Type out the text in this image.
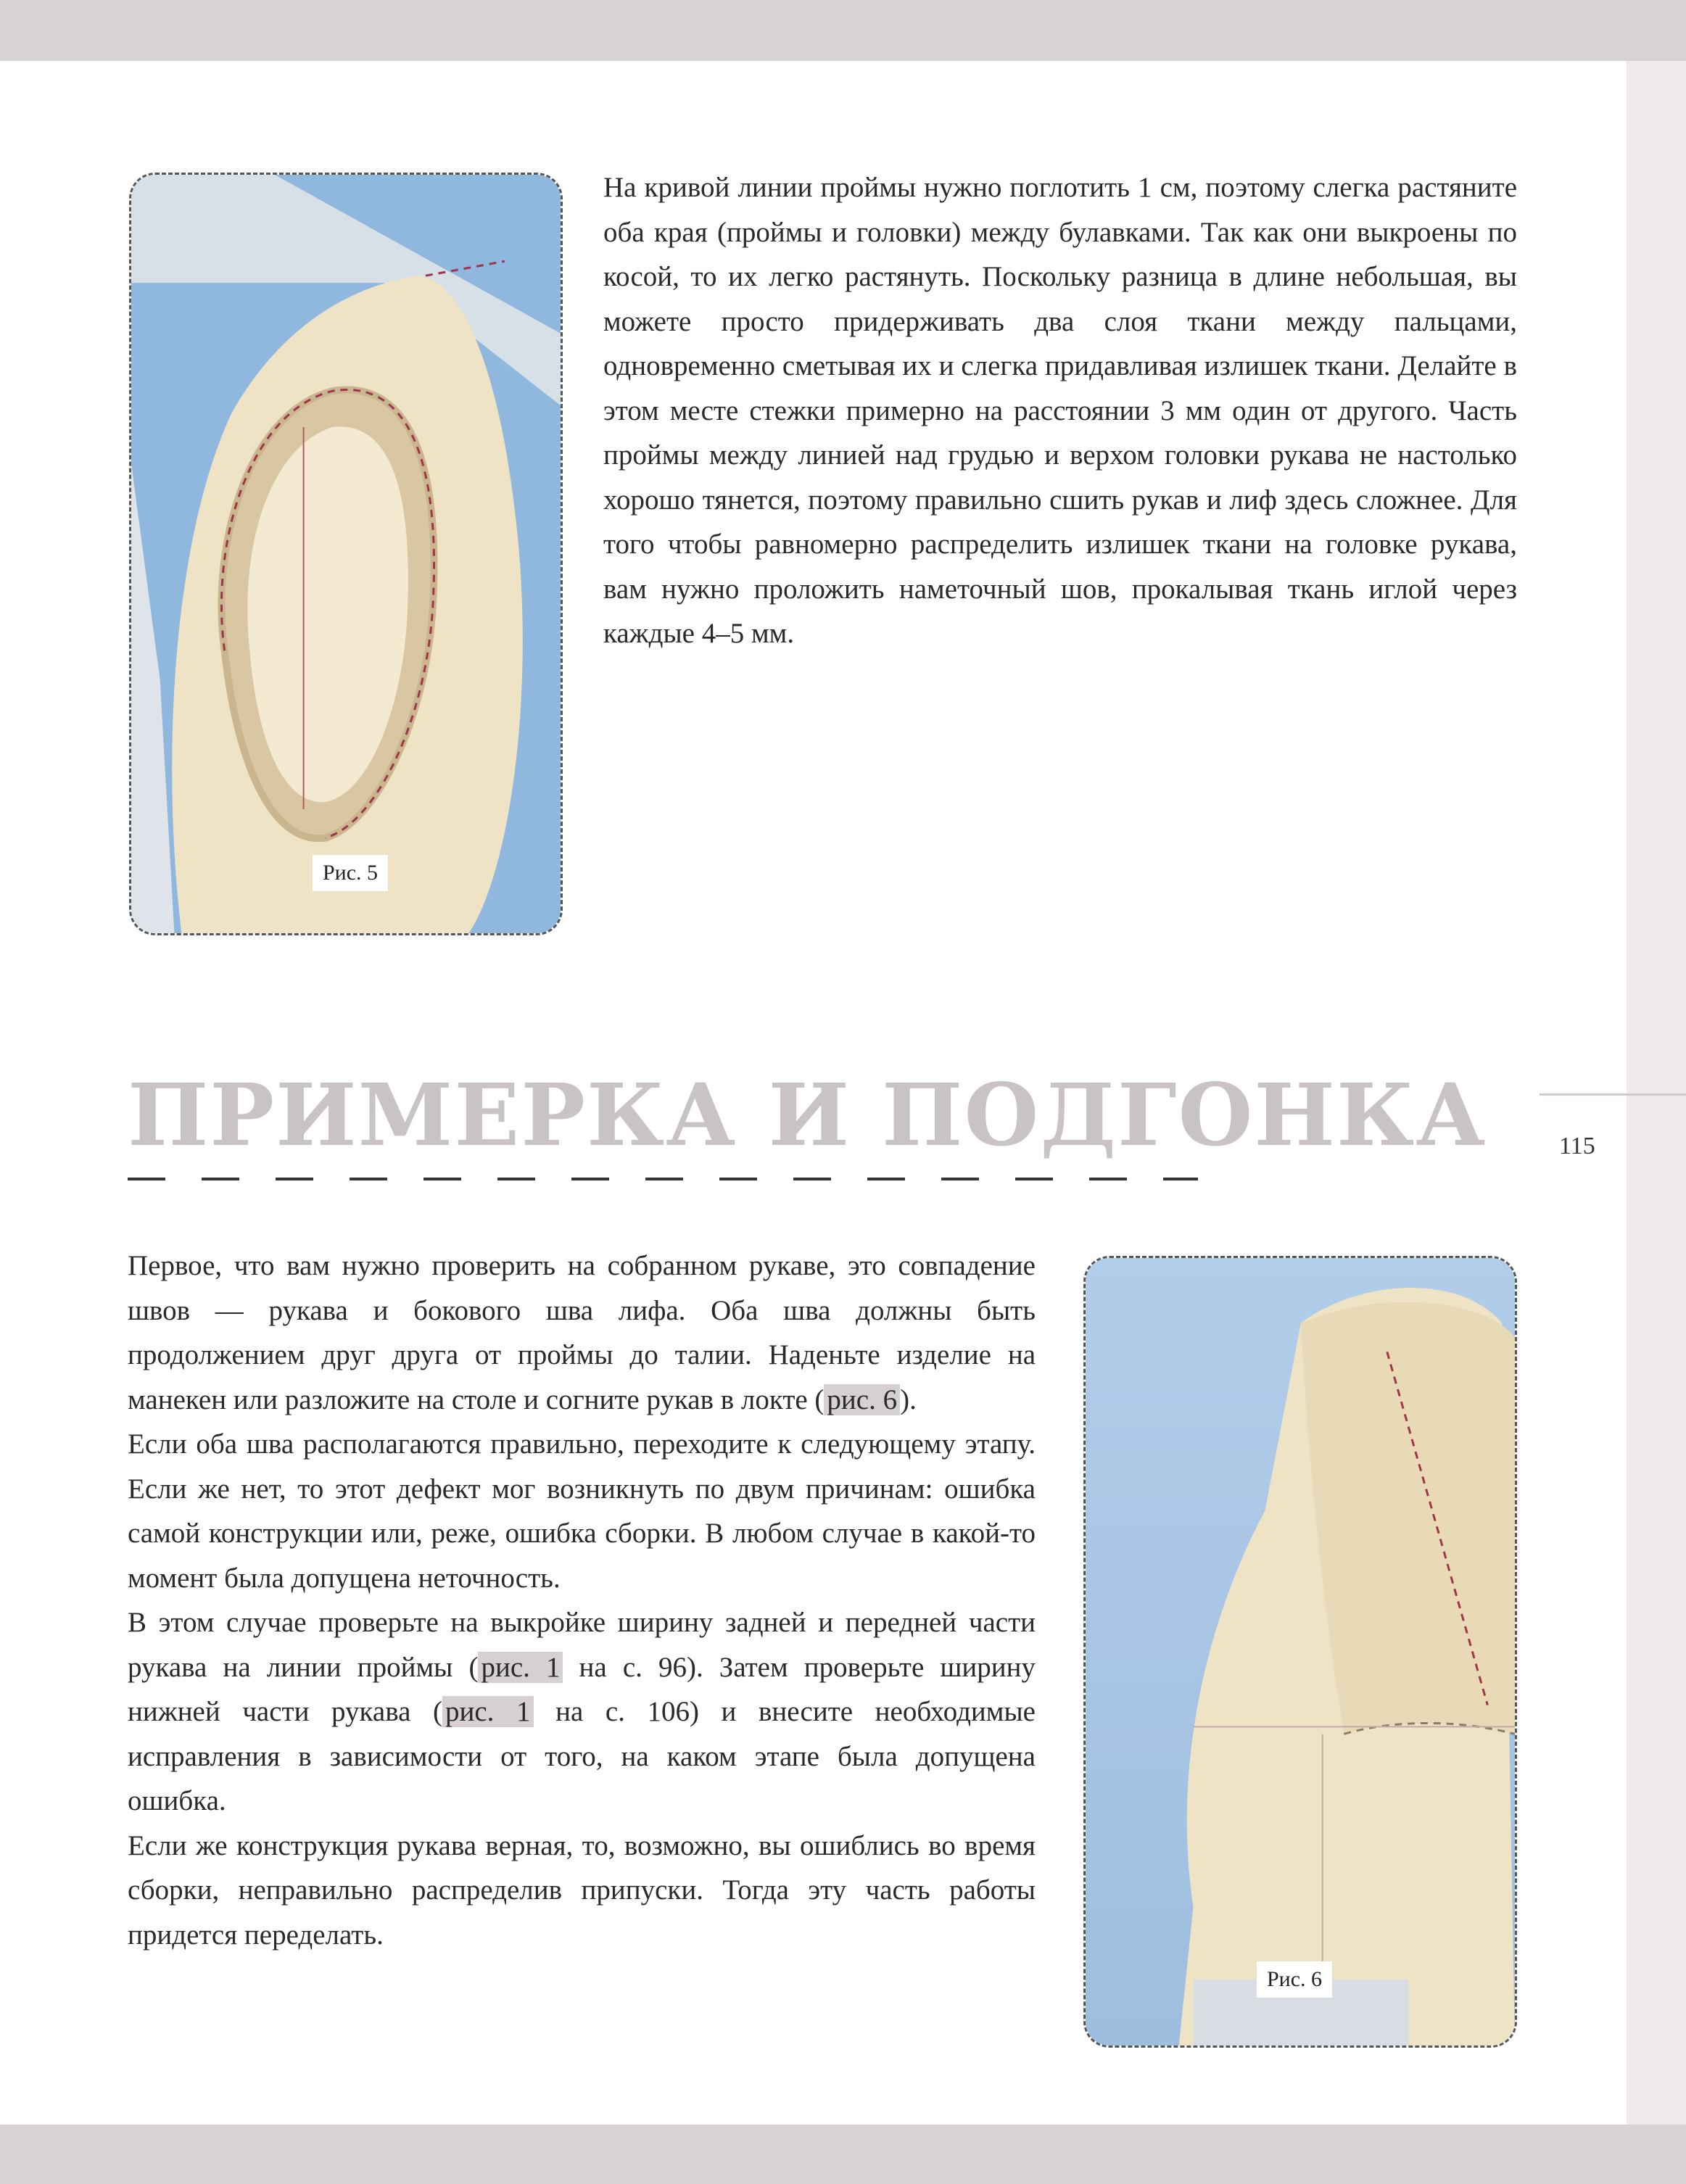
115
Рис. 5

На кривой линии проймы нужно поглотить 1 см, поэтому слегка растяните оба края (проймы и головки) между булавками. Так как они выкроены по косой, то их легко растянуть. Поскольку разница в длине небольшая, вы можете просто придерживать два слоя ткани между пальцами, одновременно сметывая их и слегка придавливая излишек ткани. Делайте в этом месте стежки примерно на расстоянии 3 мм один от другого. Часть проймы между линией над грудью и верхом головки рукава не настолько хорошо тянется, поэтому правильно сшить рукав и лиф здесь сложнее. Для того чтобы равномерно распределить излишек ткани на головке рукава, вам нужно проложить наметочный шов, прокалывая ткань иглой через каждые 4–5 мм.

ПРИМЕРКА И ПОДГОНКА

Первое, что вам нужно проверить на собранном рукаве, это совпадение швов — рукава и бокового шва лифа. Оба шва должны быть продолжением друг друга от проймы до талии. Наденьте изделие на манекен или разложите на столе и согните рукав в локте ( рис. 6 ).

Если оба шва располагаются правильно, переходите к следующему этапу. Если же нет, то этот дефект мог возникнуть по двум причинам: ошибка самой конструкции или, реже, ошибка сборки. В любом случае в какой-то момент была допущена неточность.

В этом случае проверьте на выкройке ширину задней и передней части рукава на линии проймы ( рис. 1 на с. 96). Затем проверьте ширину нижней части рукава ( рис. 1 на с. 106) и внесите необходимые исправления в зависимости от того, на каком этапе была допущена ошибка.

Если же конструкция рукава верная, то, возможно, вы ошиблись во время сборки, неправильно распределив припуски. Тогда эту часть работы придется переделать.

Рис. 6
